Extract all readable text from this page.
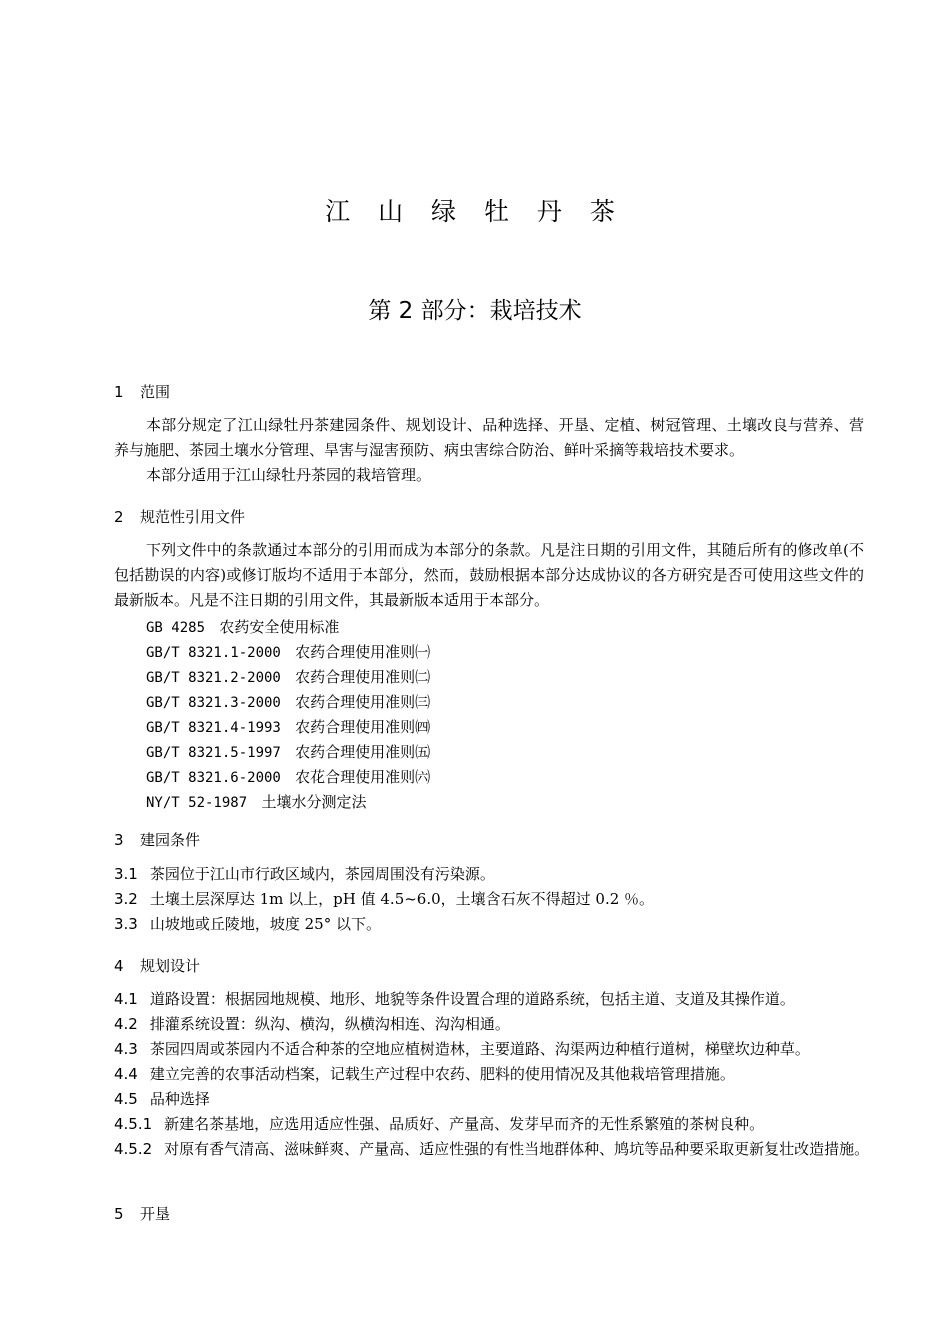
江 山 绿 牡 丹 茶
第 2 部分：栽培技术
1 范围
本部分规定了江山绿牡丹茶建园条件、规划设计、品种选择、开垦、定植、树冠管理、土壤改良与营养、营养与施肥、茶园土壤水分管理、旱害与湿害预防、病虫害综合防治、鲜叶采摘等栽培技术要求。
本部分适用于江山绿牡丹茶园的栽培管理。
2 规范性引用文件
下列文件中的条款通过本部分的引用而成为本部分的条款。凡是注日期的引用文件，其随后所有的修改单(不包括勘误的内容)或修订版均不适用于本部分，然而，鼓励根据本部分达成协议的各方研究是否可使用这些文件的最新版本。凡是不注日期的引用文件，其最新版本适用于本部分。
GB 4285 农药安全使用标准
GB/T 8321.1-2000 农药合理使用准则㈠
GB/T 8321.2-2000 农药合理使用准则㈡
GB/T 8321.3-2000 农药合理使用准则㈢
GB/T 8321.4-1993 农药合理使用准则㈣
GB/T 8321.5-1997 农药合理使用准则㈤
GB/T 8321.6-2000 农花合理使用准则㈥
NY/T 52-1987 土壤水分测定法
3 建园条件
3.1 茶园位于江山市行政区域内，茶园周围没有污染源。
3.2 土壤土层深厚达 1m 以上，pH 值 4.5~6.0，土壤含石灰不得超过 0.2 ％。
3.3 山坡地或丘陵地，坡度 25° 以下。
4 规划设计
4.1 道路设置：根据园地规模、地形、地貌等条件设置合理的道路系统，包括主道、支道及其操作道。
4.2 排灌系统设置：纵沟、横沟，纵横沟相连、沟沟相通。
4.3 茶园四周或茶园内不适合种茶的空地应植树造林，主要道路、沟渠两边种植行道树，梯壁坎边种草。
4.4 建立完善的农事活动档案，记载生产过程中农药、肥料的使用情况及其他栽培管理措施。
4.5 品种选择
4.5.1 新建名茶基地，应选用适应性强、品质好、产量高、发芽早而齐的无性系繁殖的茶树良种。
4.5.2 对原有香气清高、滋味鲜爽、产量高、适应性强的有性当地群体种、鸠坑等品种要采取更新复壮改造措施。
5 开垦
